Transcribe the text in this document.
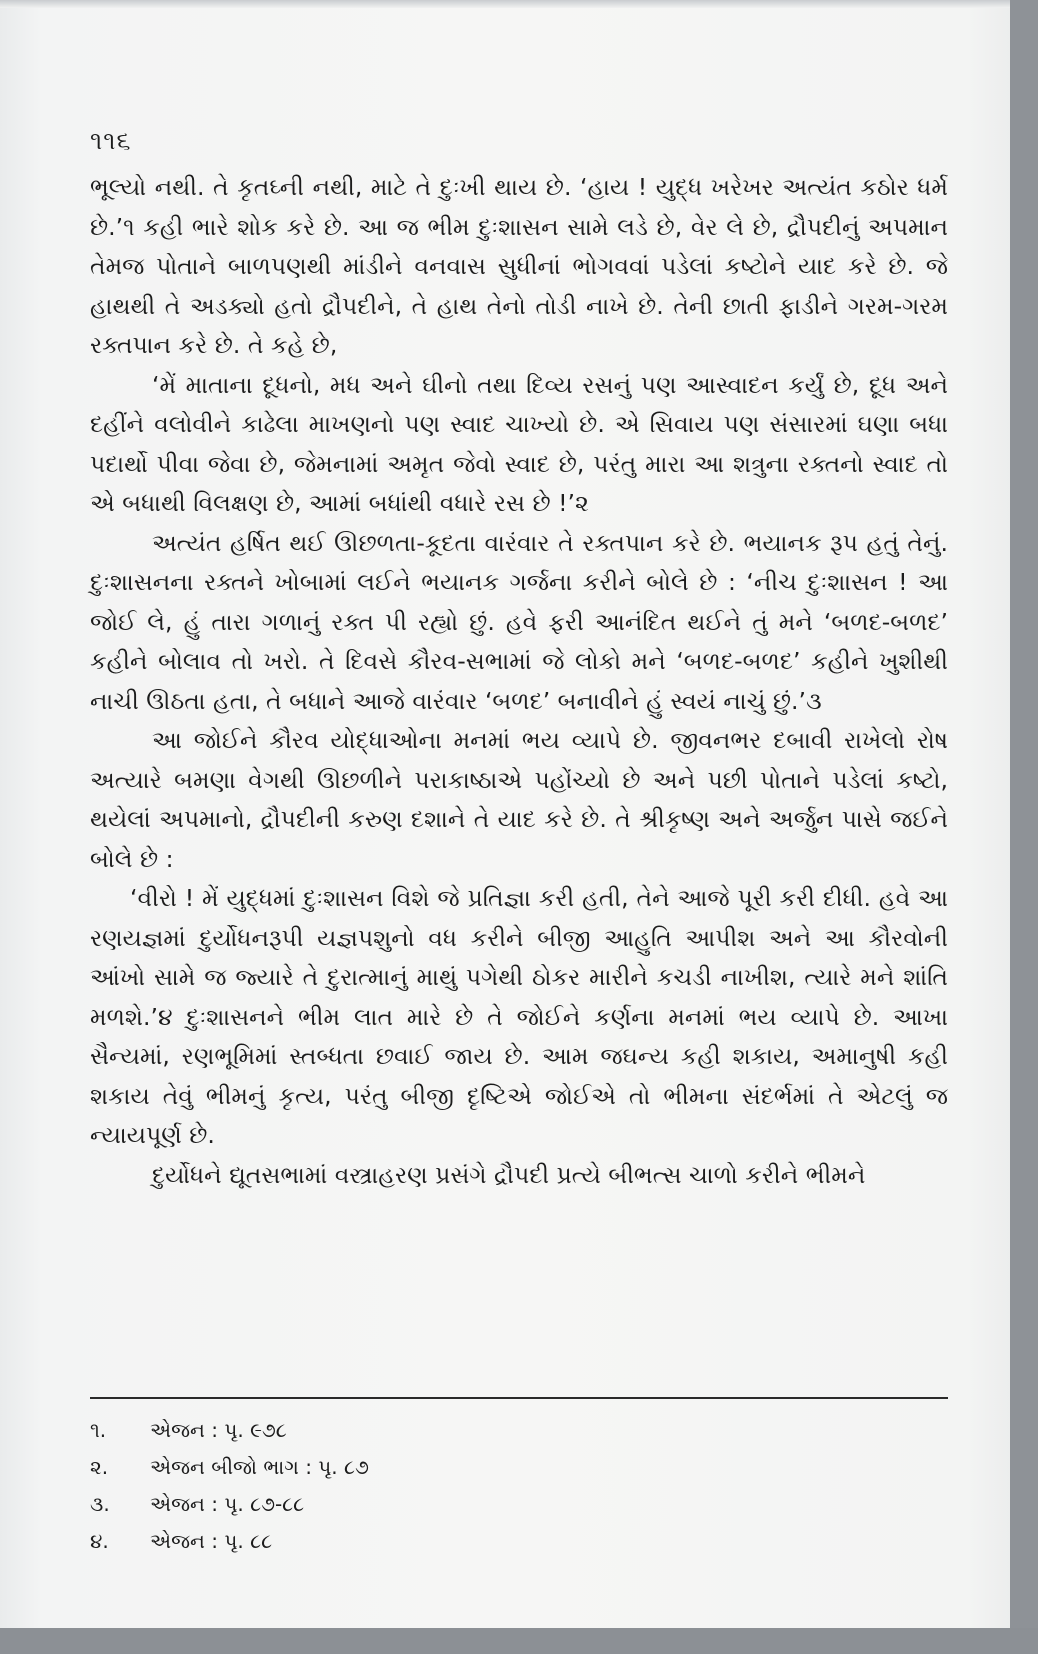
૧૧૬

ભૂલ્યો નથી. તે કૃતઘ્ની નથી, માટે તે દુઃખી થાય છે. ‘હાય ! યુદ્ધ ખરેખર અત્યંત કઠોર ધર્મ છે.’૧ કહી ભારે શોક કરે છે. આ જ ભીમ દુઃશાસન સામે લડે છે, વેર લે છે, દ્રૌપદીનું અપમાન તેમજ પોતાને બાળપણથી માંડીને વનવાસ સુધીનાં ભોગવવાં પડેલાં કષ્ટોને યાદ કરે છે. જે હાથથી તે અડક્યો હતો દ્રૌપદીને, તે હાથ તેનો તોડી નાખે છે. તેની છાતી ફાડીને ગરમ-ગરમ રક્તપાન કરે છે. તે કહે છે,

‘મેં માતાના દૂધનો, મધ અને ઘીનો તથા દિવ્ય રસનું પણ આસ્વાદન કર્યું છે, દૂધ અને દહીંને વલોવીને કાઢેલા માખણનો પણ સ્વાદ ચાખ્યો છે. એ સિવાય પણ સંસારમાં ઘણા બધા પદાર્થો પીવા જેવા છે, જેમનામાં અમૃત જેવો સ્વાદ છે, પરંતુ મારા આ શત્રુના રક્તનો સ્વાદ તો એ બધાથી વિલક્ષણ છે, આમાં બધાંથી વધારે રસ છે !’૨

અત્યંત હર્ષિત થઈ ઊછળતા-કૂદતા વારંવાર તે રક્તપાન કરે છે. ભયાનક રૂપ હતું તેનું. દુઃશાસનના રક્તને ખોબામાં લઈને ભયાનક ગર્જના કરીને બોલે છે : ‘નીચ દુઃશાસન ! આ જોઈ લે, હું તારા ગળાનું રક્ત પી રહ્યો છું. હવે ફરી આનંદિત થઈને તું મને ‘બળદ-બળદ’ કહીને બોલાવ તો ખરો. તે દિવસે કૌરવ-સભામાં જે લોકો મને ‘બળદ-બળદ’ કહીને ખુશીથી નાચી ઊઠતા હતા, તે બધાને આજે વારંવાર ‘બળદ’ બનાવીને હું સ્વયં નાચું છું.’૩

આ જોઈને કૌરવ યોદ્ધાઓના મનમાં ભય વ્યાપે છે. જીવનભર દબાવી રાખેલો રોષ અત્યારે બમણા વેગથી ઊછળીને પરાકાષ્ઠાએ પહોંચ્યો છે અને પછી પોતાને પડેલાં કષ્ટો, થયેલાં અપમાનો, દ્રૌપદીની કરુણ દશાને તે યાદ કરે છે. તે શ્રીકૃષ્ણ અને અર્જુન પાસે જઈને બોલે છે :

‘વીરો ! મેં યુદ્ધમાં દુઃશાસન વિશે જે પ્રતિજ્ઞા કરી હતી, તેને આજે પૂરી કરી દીધી. હવે આ રણયજ્ઞમાં દુર્યોધનરૂપી યજ્ઞપશુનો વધ કરીને બીજી આહુતિ આપીશ અને આ કૌરવોની આંખો સામે જ જ્યારે તે દુરાત્માનું માથું પગેથી ઠોકર મારીને કચડી નાખીશ, ત્યારે મને શાંતિ મળશે.’૪ દુઃશાસનને ભીમ લાત મારે છે તે જોઈને કર્ણના મનમાં ભય વ્યાપે છે. આખા સૈન્યમાં, રણભૂમિમાં સ્તબ્ધતા છવાઈ જાય છે. આમ જઘન્ય કહી શકાય, અમાનુષી કહી શકાય તેવું ભીમનું કૃત્ય, પરંતુ બીજી દૃષ્ટિએ જોઈએ તો ભીમના સંદર્ભમાં તે એટલું જ ન્યાયપૂર્ણ છે.

દુર્યોધને દ્યૂતસભામાં વસ્ત્રાહરણ પ્રસંગે દ્રૌપદી પ્રત્યે બીભત્સ ચાળો કરીને ભીમને

૧.	એજન : પૃ. ૯૭૮
૨.	એજન બીજો ભાગ : પૃ. ૮૭
૩.	એજન : પૃ. ૮૭-૮૮
૪.	એજન : પૃ. ૮૮
